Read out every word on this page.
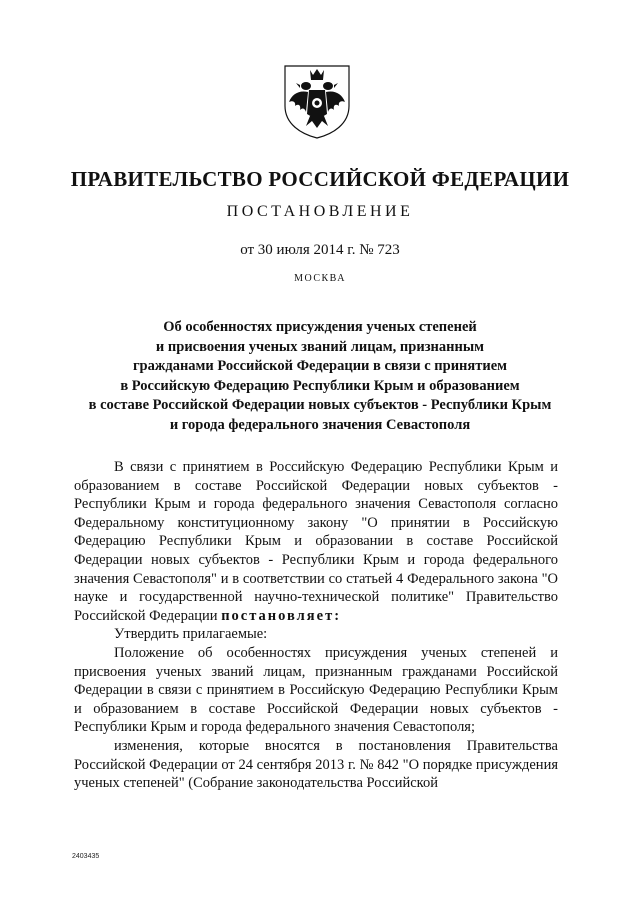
ПРАВИТЕЛЬСТВО РОССИЙСКОЙ ФЕДЕРАЦИИ
ПОСТАНОВЛЕНИЕ
от 30 июля 2014 г. № 723
МОСКВА
Об особенностях присуждения ученых степеней
и присвоения ученых званий лицам, признанным
гражданами Российской Федерации в связи с принятием
в Российскую Федерацию Республики Крым и образованием
в составе Российской Федерации новых субъектов - Республики Крым
и города федерального значения Севастополя

В связи с принятием в Российскую Федерацию Республики Крым и образованием в составе Российской Федерации новых субъектов - Республики Крым и города федерального значения Севастополя согласно Федеральному конституционному закону "О принятии в Российскую Федерацию Республики Крым и образовании в составе Российской Федерации новых субъектов - Республики Крым и города федерального значения Севастополя" и в соответствии со статьей 4 Федерального закона "О науке и государственной научно-технической политике" Правительство Российской Федерации постановляет:

Утвердить прилагаемые:

Положение об особенностях присуждения ученых степеней и присвоения ученых званий лицам, признанным гражданами Российской Федерации в связи с принятием в Российскую Федерацию Республики Крым и образованием в составе Российской Федерации новых субъектов - Республики Крым и города федерального значения Севастополя;

изменения, которые вносятся в постановления Правительства Российской Федерации от 24 сентября 2013 г. № 842 "О порядке присуждения ученых степеней" (Собрание законодательства Российской

2403435
